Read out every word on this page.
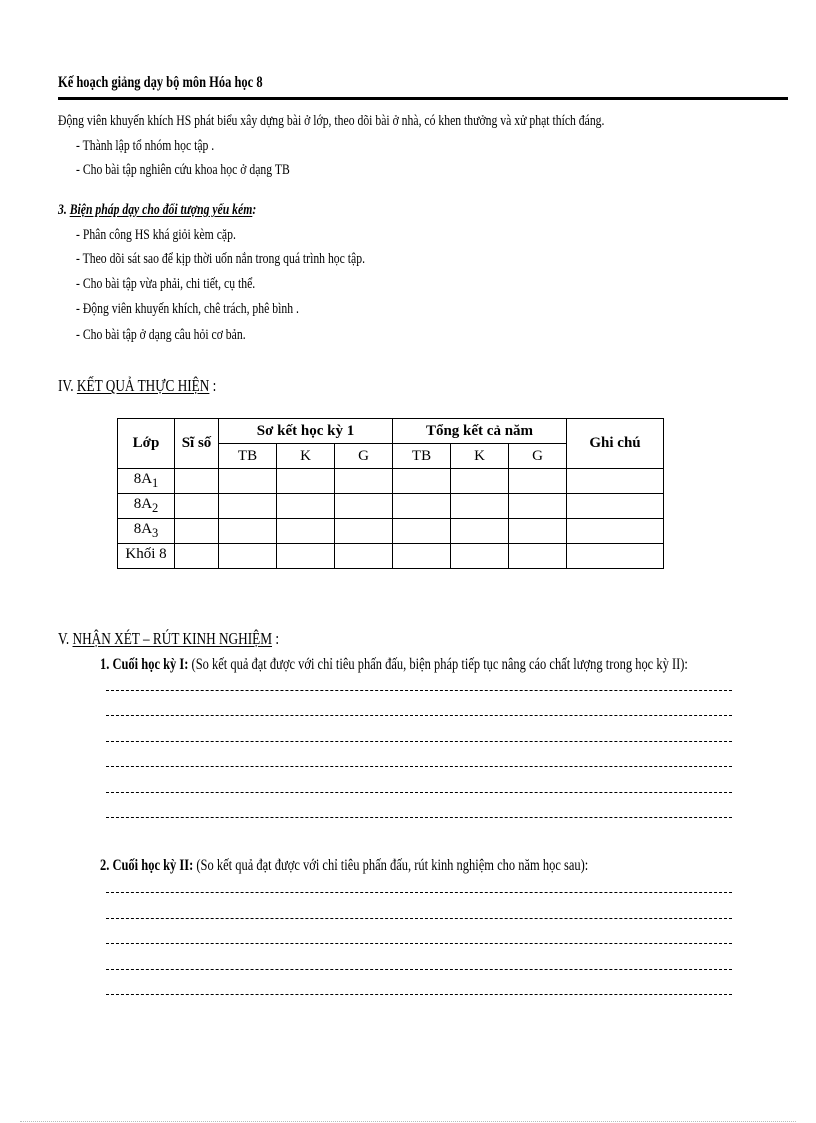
Kế hoạch giảng dạy bộ môn Hóa học 8
Động viên khuyến khích HS phát biểu xây dựng bài ở lớp, theo dõi bài ở nhà, có khen thưởng và xử phạt thích đáng.
- Thành lập tổ nhóm học tập .
- Cho bài tập nghiên cứu khoa học ở dạng TB
3. Biện pháp dạy cho đối tượng yếu kém:
- Phân công HS khá giỏi kèm cặp.
- Theo dõi sát sao để kịp thời uốn nắn trong quá trình học tập.
- Cho bài tập vừa phải, chi tiết, cụ thể.
- Động viên khuyến khích, chê trách, phê bình .
- Cho bài tập ở dạng câu hỏi cơ bản.
IV. KẾT QUẢ THỰC HIỆN :
Lớp	Sĩ số	Sơ kết học kỳ 1			Tổng kết cả năm			Ghi chú
		TB	K	G	TB	K	G	
$8A_1$								
$8A_2$								
$8A_3$								
Khối 8								
V. NHẬN XÉT – RÚT KINH NGHIỆM :
1. Cuối học kỳ I: (So kết quả đạt được với chỉ tiêu phấn đấu, biện pháp tiếp tục nâng cáo chất lượng trong học kỳ II):
2. Cuối học kỳ II: (So kết quả đạt được với chỉ tiêu phấn đấu, rút kinh nghiệm cho năm học sau):
